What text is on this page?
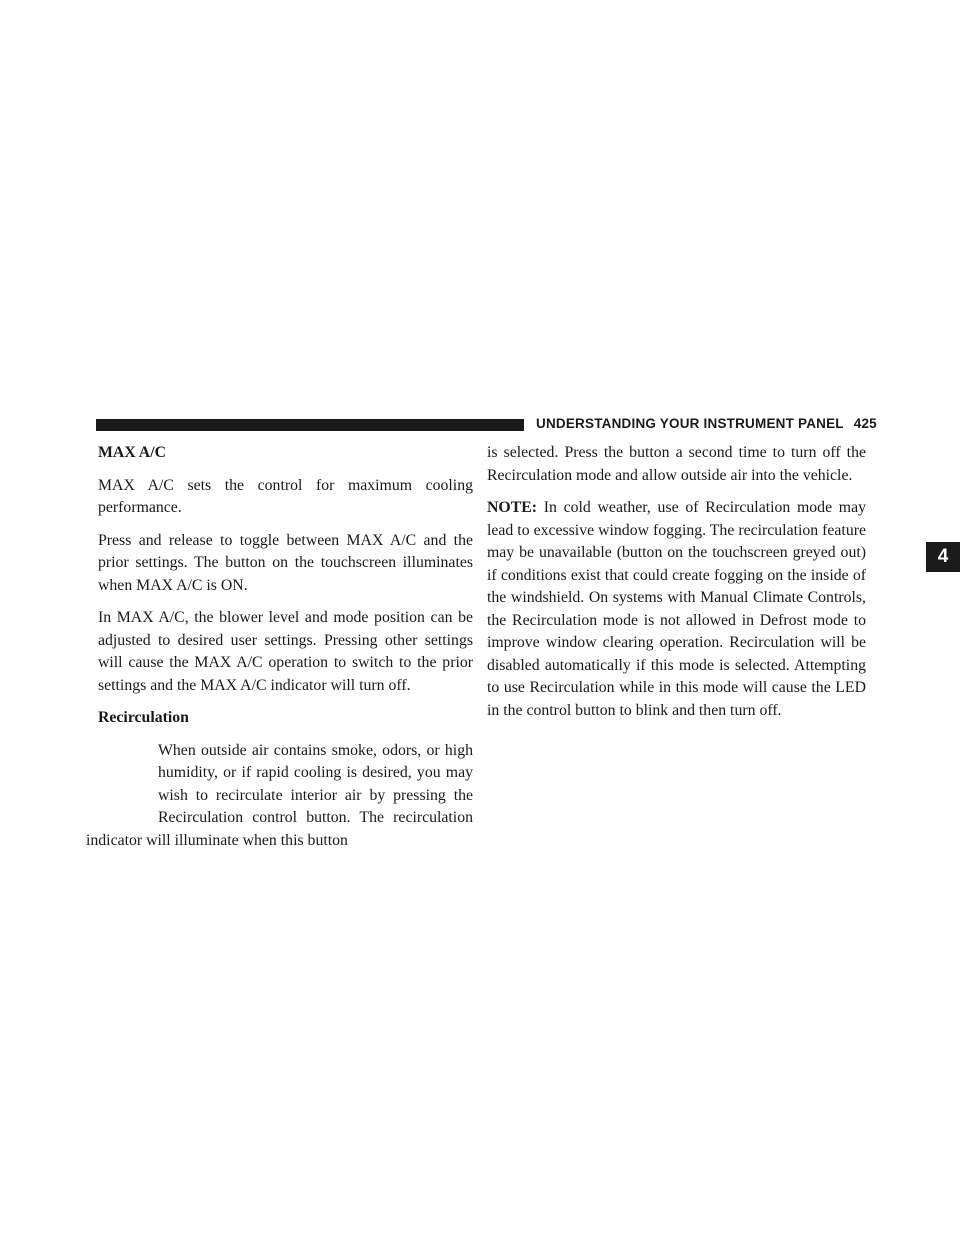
UNDERSTANDING YOUR INSTRUMENT PANEL 425
4
MAX A/C

MAX A/C sets the control for maximum cooling performance.

Press and release to toggle between MAX A/C and the prior settings. The button on the touchscreen illuminates when MAX A/C is ON.

In MAX A/C, the blower level and mode position can be adjusted to desired user settings. Pressing other settings will cause the MAX A/C operation to switch to the prior settings and the MAX A/C indicator will turn off.

Recirculation

When outside air contains smoke, odors, or high humidity, or if rapid cooling is desired, you may wish to recirculate interior air by pressing the Recirculation control button. The recirculation indicator will illuminate when this button

is selected. Press the button a second time to turn off the Recirculation mode and allow outside air into the vehicle.

NOTE: In cold weather, use of Recirculation mode may lead to excessive window fogging. The recirculation feature may be unavailable (button on the touchscreen greyed out) if conditions exist that could create fogging on the inside of the windshield. On systems with Manual Climate Controls, the Recirculation mode is not allowed in Defrost mode to improve window clearing operation. Recirculation will be disabled automatically if this mode is selected. Attempting to use Recirculation while in this mode will cause the LED in the control button to blink and then turn off.
